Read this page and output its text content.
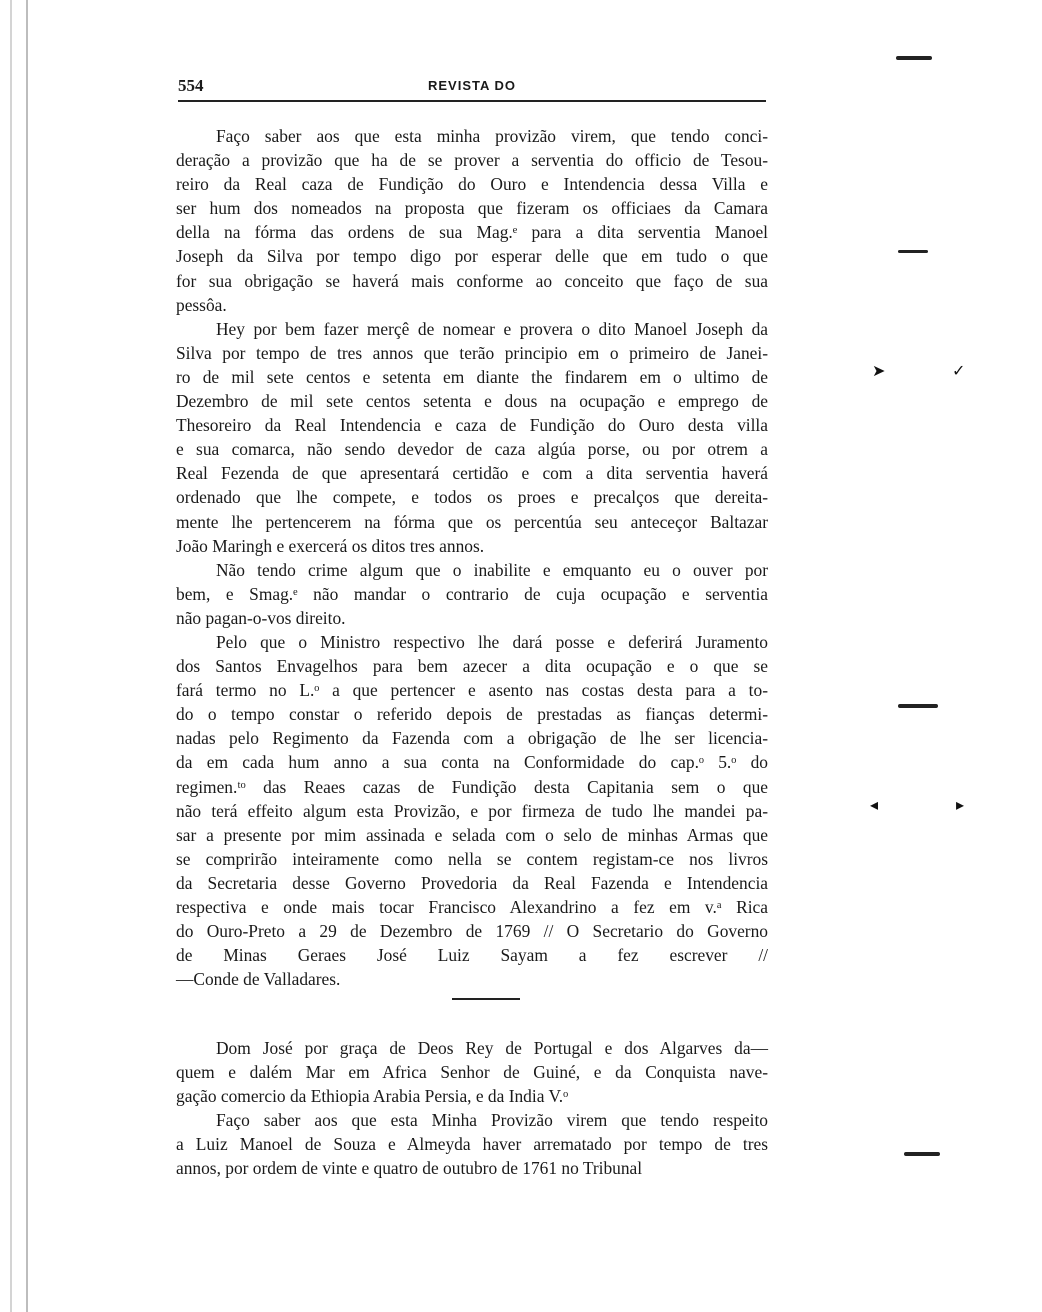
554	REVISTA DO
Faço saber aos que esta minha provizão virem, que tendo conci-
deração a provizão que ha de se prover a serventia do officio de Tesou-
reiro da Real caza de Fundição do Ouro e Intendencia dessa Villa e
ser hum dos nomeados na proposta que fizeram os officiaes da Camara
della na fórma das ordens de sua Mag.ᵉ para a dita serventia Manoel
Joseph da Silva por tempo digo por esperar delle que em tudo o que
for sua obrigação se haverá mais conforme ao conceito que faço de sua
pessôa.
Hey por bem fazer merçê de nomear e provera o dito Manoel Joseph da
Silva por tempo de tres annos que terão principio em o primeiro de Janei-
ro de mil sete centos e setenta em diante the findarem em o ultimo de
Dezembro de mil sete centos setenta e dous na ocupação e emprego de
Thesoreiro da Real Intendencia e caza de Fundição do Ouro desta villa
e sua comarca, não sendo devedor de caza algúa porse, ou por otrem a
Real Fezenda de que apresentará certidão e com a dita serventia haverá
ordenado que lhe compete, e todos os proes e precalços que dereita-
mente lhe pertencerem na fórma que os percentúa seu anteceçor Baltazar
João Maringh e exercerá os ditos tres annos.
Não tendo crime algum que o inabilite e emquanto eu o ouver por
bem, e Smag.ᵉ não mandar o contrario de cuja ocupação e serventia
não pagan-o-vos direito.
Pelo que o Ministro respectivo lhe dará posse e deferirá Juramento
dos Santos Envagelhos para bem azecer a dita ocupação e o que se
fará termo no L.ᵒ a que pertencer e asento nas costas desta para a to-
do o tempo constar o referido depois de prestadas as fianças determi-
nadas pelo Regimento da Fazenda com a obrigação de lhe ser licencia-
da em cada hum anno a sua conta na Conformidade do cap.ᵒ 5.ᵒ do
regimen.ᵗᵒ das Reaes cazas de Fundição desta Capitania sem o que
não terá effeito algum esta Provizão, e por firmeza de tudo lhe mandei pa-
sar a presente por mim assinada e selada com o selo de minhas Armas que
se comprirão inteiramente como nella se contem registam-ce nos livros
da Secretaria desse Governo Provedoria da Real Fazenda e Intendencia
respectiva e onde mais tocar Francisco Alexandrino a fez em v.ᵃ Rica
do Ouro-Preto a 29 de Dezembro de 1769 // O Secretario do Governo
de Minas Geraes José Luiz Sayam a fez escrever //
—Conde de Valladares.
Dom José por graça de Deos Rey de Portugal e dos Algarves da—
quem e dalém Mar em Africa Senhor de Guiné, e da Conquista nave-
gação comercio da Ethiopia Arabia Persia, e da India V.ᵒ
Faço saber aos que esta Minha Provizão virem que tendo respeito
a Luiz Manoel de Souza e Almeyda haver arrematado por tempo de tres
annos, por ordem de vinte e quatro de outubro de 1761 no Tribunal
➤	✓
◂	▸
